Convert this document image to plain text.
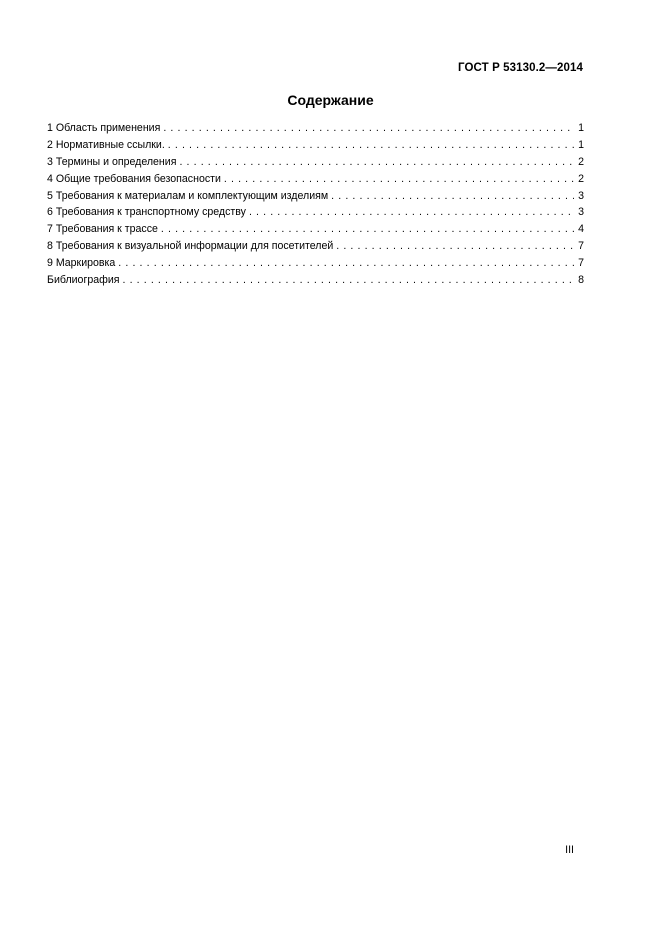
ГОСТ Р 53130.2—2014
Содержание
1 Область применения . . .	1
2 Нормативные ссылки. . . .	1
3 Термины и определения . . .	2
4 Общие требования безопасности . . .	2
5 Требования к материалам и комплектующим изделиям . . .	3
6 Требования к транспортному средству . . .	3
7 Требования к трассе . . .	4
8 Требования к визуальной информации для посетителей . . .	7
9 Маркировка . . .	7
Библиография . . .	8
III
